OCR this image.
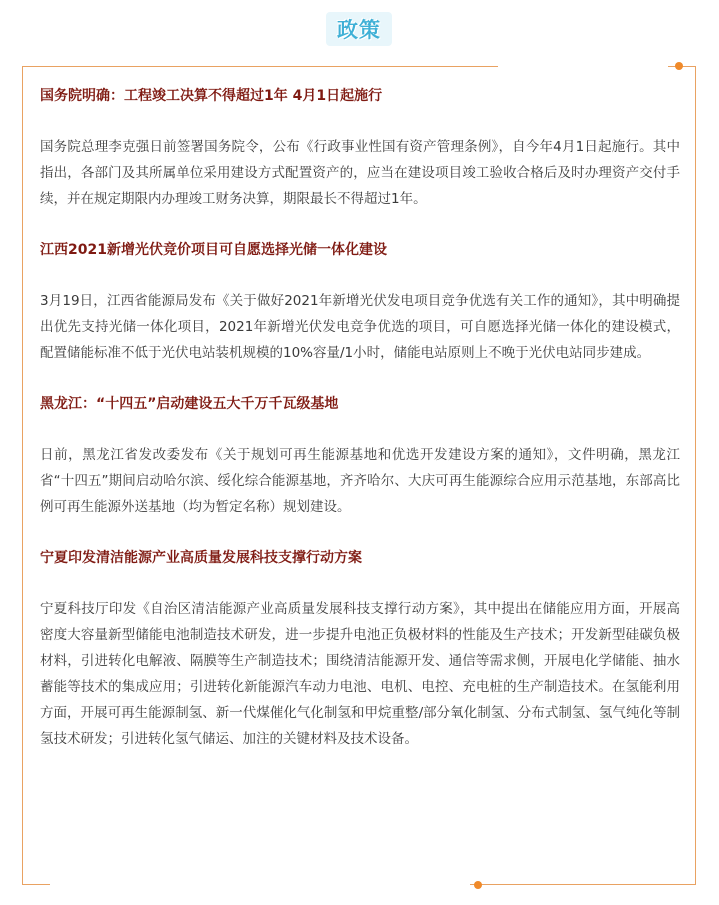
政策
国务院明确：工程竣工决算不得超过1年 4月1日起施行

国务院总理李克强日前签署国务院令，公布《行政事业性国有资产管理条例》，自今年4月1日起施行。其中指出，各部门及其所属单位采用建设方式配置资产的，应当在建设项目竣工验收合格后及时办理资产交付手续，并在规定期限内办理竣工财务决算，期限最长不得超过1年。

江西2021新增光伏竞价项目可自愿选择光储一体化建设

3月19日，江西省能源局发布《关于做好2021年新增光伏发电项目竞争优选有关工作的通知》，其中明确提出优先支持光储一体化项目，2021年新增光伏发电竞争优选的项目，可自愿选择光储一体化的建设模式，配置储能标准不低于光伏电站装机规模的10%容量/1小时，储能电站原则上不晚于光伏电站同步建成。

黑龙江：“十四五”启动建设五大千万千瓦级基地

日前，黑龙江省发改委发布《关于规划可再生能源基地和优选开发建设方案的通知》，文件明确，黑龙江省“十四五”期间启动哈尔滨、绥化综合能源基地，齐齐哈尔、大庆可再生能源综合应用示范基地，东部高比例可再生能源外送基地（均为暂定名称）规划建设。

宁夏印发清洁能源产业高质量发展科技支撑行动方案

宁夏科技厅印发《自治区清洁能源产业高质量发展科技支撑行动方案》，其中提出在储能应用方面，开展高密度大容量新型储能电池制造技术研发，进一步提升电池正负极材料的性能及生产技术；开发新型硅碳负极材料，引进转化电解液、隔膜等生产制造技术；围绕清洁能源开发、通信等需求侧，开展电化学储能、抽水蓄能等技术的集成应用；引进转化新能源汽车动力电池、电机、电控、充电桩的生产制造技术。在氢能利用方面，开展可再生能源制氢、新一代煤催化气化制氢和甲烷重整/部分氧化制氢、分布式制氢、氢气纯化等制氢技术研发；引进转化氢气储运、加注的关键材料及技术设备。
